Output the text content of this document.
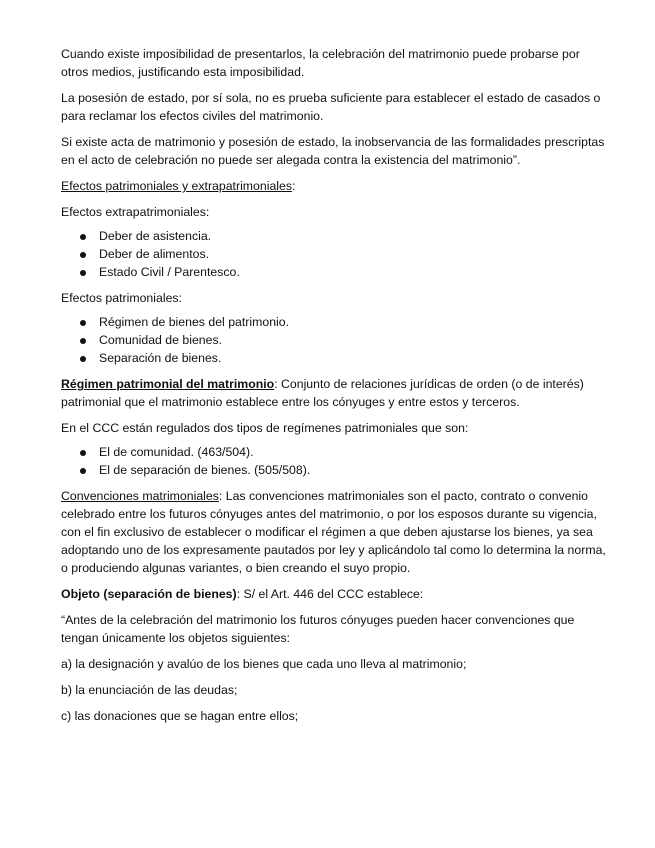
Cuando existe imposibilidad de presentarlos, la celebración del matrimonio puede probarse por otros medios, justificando esta imposibilidad.

La posesión de estado, por sí sola, no es prueba suficiente para establecer el estado de casados o para reclamar los efectos civiles del matrimonio.

Si existe acta de matrimonio y posesión de estado, la inobservancia de las formalidades prescriptas en el acto de celebración no puede ser alegada contra la existencia del matrimonio”.

Efectos patrimoniales y extrapatrimoniales:

Efectos extrapatrimoniales:

Deber de asistencia.
Deber de alimentos.
Estado Civil / Parentesco.

Efectos patrimoniales:

Régimen de bienes del patrimonio.
Comunidad de bienes.
Separación de bienes.

Régimen patrimonial del matrimonio: Conjunto de relaciones jurídicas de orden (o de interés) patrimonial que el matrimonio establece entre los cónyuges y entre estos y terceros.

En el CCC están regulados dos tipos de regímenes patrimoniales que son:

El de comunidad. (463/504).
El de separación de bienes. (505/508).

Convenciones matrimoniales: Las convenciones matrimoniales son el pacto, contrato o convenio celebrado entre los futuros cónyuges antes del matrimonio, o por los esposos durante su vigencia, con el fin exclusivo de establecer o modificar el régimen a que deben ajustarse los bienes, ya sea adoptando uno de los expresamente pautados por ley y aplicándolo tal como lo determina la norma, o produciendo algunas variantes, o bien creando el suyo propio.

Objeto (separación de bienes): S/ el Art. 446 del CCC establece:

“Antes de la celebración del matrimonio los futuros cónyuges pueden hacer convenciones que tengan únicamente los objetos siguientes:

a) la designación y avalúo de los bienes que cada uno lleva al matrimonio;

b) la enunciación de las deudas;

c) las donaciones que se hagan entre ellos;
